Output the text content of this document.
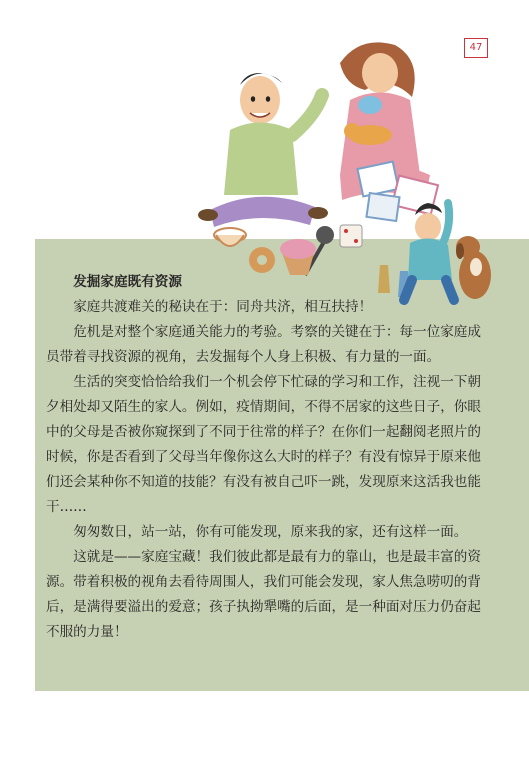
47

发掘家庭既有资源

家庭共渡难关的秘诀在于：同舟共济，相互扶持！

危机是对整个家庭通关能力的考验。考察的关键在于：每一位家庭成员带着寻找资源的视角，去发掘每个人身上积极、有力量的一面。

生活的突变恰恰给我们一个机会停下忙碌的学习和工作，注视一下朝夕相处却又陌生的家人。例如，疫情期间，不得不居家的这些日子，你眼中的父母是否被你窥探到了不同于往常的样子？在你们一起翻阅老照片的时候，你是否看到了父母当年像你这么大时的样子？有没有惊异于原来他们还会某种你不知道的技能？有没有被自己吓一跳，发现原来这活我也能干……

匆匆数日，站一站，你有可能发现，原来我的家，还有这样一面。

这就是——家庭宝藏！我们彼此都是最有力的靠山，也是最丰富的资源。带着积极的视角去看待周围人，我们可能会发现，家人焦急唠叨的背后，是满得要溢出的爱意；孩子执拗犟嘴的后面，是一种面对压力仍奋起不服的力量！
